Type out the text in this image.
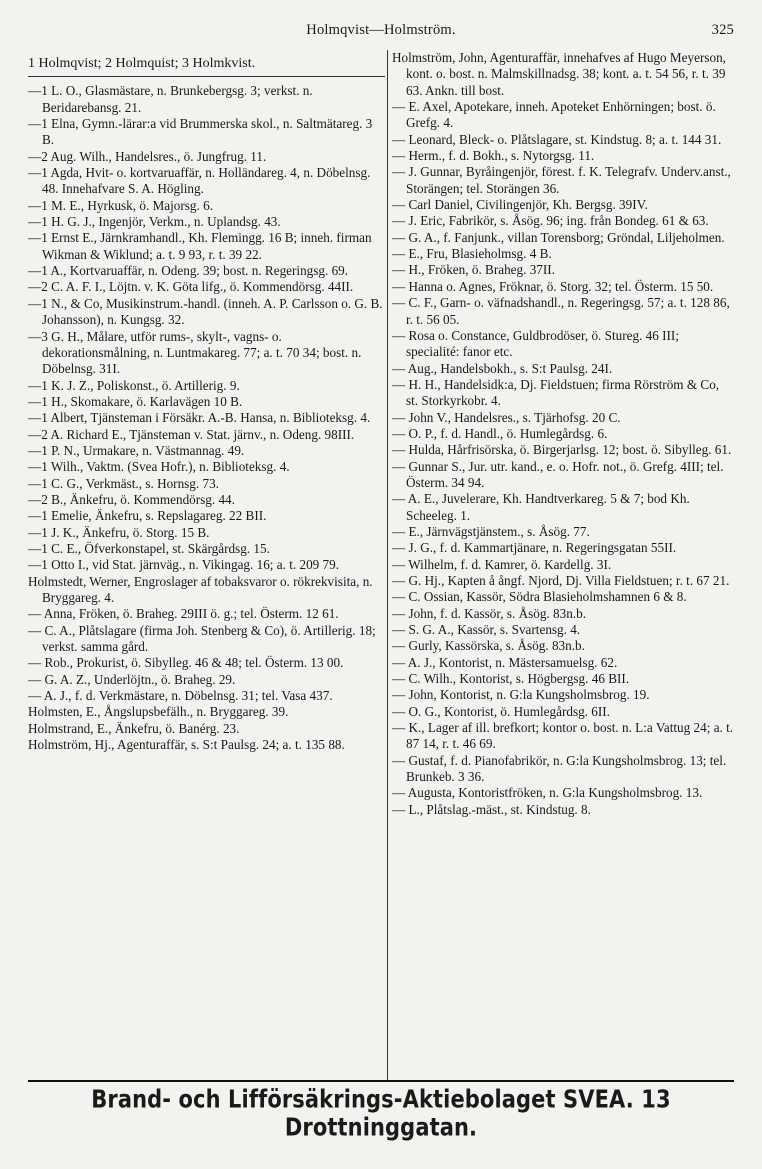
Holmqvist—Holmström.	325

1 Holmqvist; 2 Holmquist; 3 Holmkvist.

—1 L. O., Glasmästare, n. Brunkebergsg. 3; verkst. n. Beridarebansg. 21.

—1 Elna, Gymn.-lärar:a vid Brummerska skol., n. Saltmätareg. 3 B.

—2 Aug. Wilh., Handelsres., ö. Jungfrug. 11.

—1 Agda, Hvit- o. kortvaruaffär, n. Holländareg. 4, n. Döbelnsg. 48. Innehafvare S. A. Högling.

—1 M. E., Hyrkusk, ö. Majorsg. 6.

—1 H. G. J., Ingenjör, Verkm., n. Uplandsg. 43.

—1 Ernst E., Järnkramhandl., Kh. Flemingg. 16 B; inneh. firman Wikman & Wiklund; a. t. 9 93, r. t. 39 22.

—1 A., Kortvaruaffär, n. Odeng. 39; bost. n. Regeringsg. 69.

—2 C. A. F. I., Löjtn. v. K. Göta lifg., ö. Kommendörsg. 44II.

—1 N., & Co, Musikinstrum.-handl. (inneh. A. P. Carlsson o. G. B. Johansson), n. Kungsg. 32.

—3 G. H., Målare, utför rums-, skylt-, vagns- o. dekorationsmålning, n. Luntmakareg. 77; a. t. 70 34; bost. n. Döbelnsg. 31I.

—1 K. J. Z., Poliskonst., ö. Artillerig. 9.

—1 H., Skomakare, ö. Karlavägen 10 B.

—1 Albert, Tjänsteman i Försäkr. A.-B. Hansa, n. Biblioteksg. 4.

—2 A. Richard E., Tjänsteman v. Stat. järnv., n. Odeng. 98III.

—1 P. N., Urmakare, n. Västmannag. 49.

—1 Wilh., Vaktm. (Svea Hofr.), n. Biblioteksg. 4.

—1 C. G., Verkmäst., s. Hornsg. 73.

—2 B., Änkefru, ö. Kommendörsg. 44.

—1 Emelie, Änkefru, s. Repslagareg. 22 BII.

—1 J. K., Änkefru, ö. Storg. 15 B.

—1 C. E., Öfverkonstapel, st. Skärgårdsg. 15.

—1 Otto I., vid Stat. järnväg., n. Vikingag. 16; a. t. 209 79.

Holmstedt, Werner, Engroslager af tobaksvaror o. rökrekvisita, n. Bryggareg. 4.

— Anna, Fröken, ö. Braheg. 29III ö. g.; tel. Österm. 12 61.

— C. A., Plåtslagare (firma Joh. Stenberg & Co), ö. Artillerig. 18; verkst. samma gård.

— Rob., Prokurist, ö. Sibylleg. 46 & 48; tel. Österm. 13 00.

— G. A. Z., Underlöjtn., ö. Braheg. 29.

— A. J., f. d. Verkmästare, n. Döbelnsg. 31; tel. Vasa 437.

Holmsten, E., Ångslupsbefälh., n. Bryggareg. 39.

Holmstrand, E., Änkefru, ö. Banérg. 23.

Holmström, Hj., Agenturaffär, s. S:t Paulsg. 24; a. t. 135 88.

Holmström, John, Agenturaffär, innehafves af Hugo Meyerson, kont. o. bost. n. Malmskillnadsg. 38; kont. a. t. 54 56, r. t. 39 63. Ankn. till bost.

— E. Axel, Apotekare, inneh. Apoteket Enhörningen; bost. ö. Grefg. 4.

— Leonard, Bleck- o. Plåtslagare, st. Kindstug. 8; a. t. 144 31.

— Herm., f. d. Bokh., s. Nytorgsg. 11.

— J. Gunnar, Byråingenjör, förest. f. K. Telegrafv. Underv.anst., Storängen; tel. Storängen 36.

— Carl Daniel, Civilingenjör, Kh. Bergsg. 39IV.

— J. Eric, Fabrikör, s. Åsög. 96; ing. från Bondeg. 61 & 63.

— G. A., f. Fanjunk., villan Torensborg; Gröndal, Liljeholmen.

— E., Fru, Blasieholmsg. 4 B.

— H., Fröken, ö. Braheg. 37II.

— Hanna o. Agnes, Fröknar, ö. Storg. 32; tel. Österm. 15 50.

— C. F., Garn- o. väfnadshandl., n. Regeringsg. 57; a. t. 128 86, r. t. 56 05.

— Rosa o. Constance, Guldbrodöser, ö. Stureg. 46 III; specialité: fanor etc.

— Aug., Handelsbokh., s. S:t Paulsg. 24I.

— H. H., Handelsidk:a, Dj. Fieldstuen; firma Rörström & Co, st. Storkyrkobr. 4.

— John V., Handelsres., s. Tjärhofsg. 20 C.

— O. P., f. d. Handl., ö. Humlegårdsg. 6.

— Hulda, Hårfrisörska, ö. Birgerjarlsg. 12; bost. ö. Sibylleg. 61.

— Gunnar S., Jur. utr. kand., e. o. Hofr. not., ö. Grefg. 4III; tel. Österm. 34 94.

— A. E., Juvelerare, Kh. Handtverkareg. 5 & 7; bod Kh. Scheeleg. 1.

— E., Järnvägstjänstem., s. Åsög. 77.

— J. G., f. d. Kammartjänare, n. Regeringsgatan 55II.

— Wilhelm, f. d. Kamrer, ö. Kardellg. 3I.

— G. Hj., Kapten å ångf. Njord, Dj. Villa Fieldstuen; r. t. 67 21.

— C. Ossian, Kassör, Södra Blasieholmshamnen 6 & 8.

— John, f. d. Kassör, s. Åsög. 83n.b.

— S. G. A., Kassör, s. Svartensg. 4.

— Gurly, Kassörska, s. Åsög. 83n.b.

— A. J., Kontorist, n. Mästersamuelsg. 62.

— C. Wilh., Kontorist, s. Högbergsg. 46 BII.

— John, Kontorist, n. G:la Kungsholmsbrog. 19.

— O. G., Kontorist, ö. Humlegårdsg. 6II.

— K., Lager af ill. brefkort; kontor o. bost. n. L:a Vattug 24; a. t. 87 14, r. t. 46 69.

— Gustaf, f. d. Pianofabrikör, n. G:la Kungsholmsbrog. 13; tel. Brunkeb. 3 36.

— Augusta, Kontoristfröken, n. G:la Kungsholmsbrog. 13.

— L., Plåtslag.-mäst., st. Kindstug. 8.

Brand- och Lifförsäkrings-Aktiebolaget SVEA. 13 Drottninggatan.
